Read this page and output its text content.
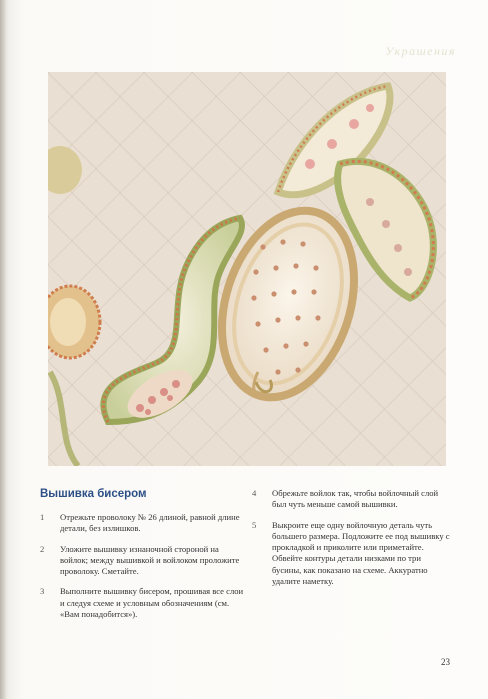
Украшения
Вышивка бисером
1	Отрежьте проволоку № 26 длиной, равной длине детали, без излишков.
2	Уложите вышивку изнаночной стороной на войлок; между вышивкой и войлоком проложите проволоку. Сметайте.
3	Выполните вышивку бисером, прошивая все слои и следуя схеме и условным обозначениям (см. «Вам понадобится»).
4	Обрежьте войлок так, чтобы войлочный слой был чуть меньше самой вышивки.
5	Выкроите еще одну войлочную деталь чуть большего размера. Подложите ее под вышивку с прокладкой и приколите или приметайте. Обвейте контуры детали низками по три бусины, как показано на схеме. Аккуратно удалите наметку.
23
